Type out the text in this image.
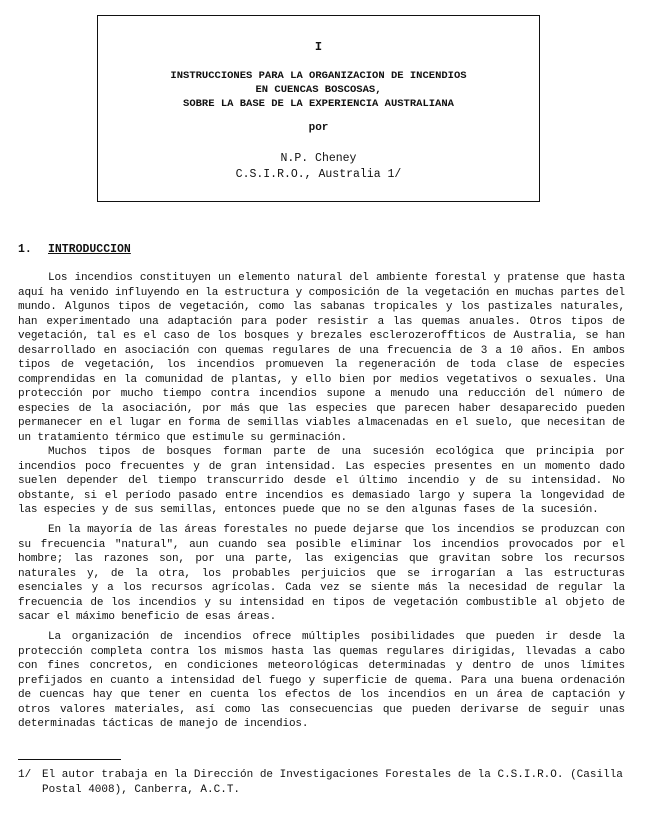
I
INSTRUCCIONES PARA LA ORGANIZACION DE INCENDIOS
EN CUENCAS BOSCOSAS,
SOBRE LA BASE DE LA EXPERIENCIA AUSTRALIANA
por
N.P. Cheney
C.S.I.R.O., Australia 1/
1. INTRODUCCION

Los incendios constituyen un elemento natural del ambiente forestal y pratense que hasta aquí ha venido influyendo en la estructura y composición de la vegetación en muchas partes del mundo. Algunos tipos de vegetación, como las sabanas tropicales y los pastizales naturales, han experimentado una adaptación para poder resistir a las quemas anuales. Otros tipos de vegetación, tal es el caso de los bosques y brezales esclerozeroffticos de Australia, se han desarrollado en asociación con quemas regulares de una frecuencia de 3 a 10 años. En ambos tipos de vegetación, los incendios promueven la regeneración de toda clase de especies comprendidas en la comunidad de plantas, y ello bien por medios vegetativos o sexuales. Una protección por mucho tiempo contra incendios supone a menudo una reducción del número de especies de la asociación, por más que las especies que parecen haber desaparecido pueden permanecer en el lugar en forma de semillas viables almacenadas en el suelo, que necesitan de un tratamiento térmico que estimule su germinación.

Muchos tipos de bosques forman parte de una sucesión ecológica que principia por incendios poco frecuentes y de gran intensidad. Las especies presentes en un momento dado suelen depender del tiempo transcurrido desde el último incendio y de su intensidad. No obstante, si el período pasado entre incendios es demasiado largo y supera la longevidad de las especies y de sus semillas, entonces puede que no se den algunas fases de la sucesión.

En la mayoría de las áreas forestales no puede dejarse que los incendios se produzcan con su frecuencia "natural", aun cuando sea posible eliminar los incendios provocados por el hombre; las razones son, por una parte, las exigencias que gravitan sobre los recursos naturales y, de la otra, los probables perjuicios que se irrogarían a las estructuras esenciales y a los recursos agrícolas. Cada vez se siente más la necesidad de regular la frecuencia de los incendios y su intensidad en tipos de vegetación combustible al objeto de sacar el máximo beneficio de esas áreas.

La organización de incendios ofrece múltiples posibilidades que pueden ir desde la protección completa contra los mismos hasta las quemas regulares dirigidas, llevadas a cabo con fines concretos, en condiciones meteorológicas determinadas y dentro de unos límites prefijados en cuanto a intensidad del fuego y superficie de quema. Para una buena ordenación de cuencas hay que tener en cuenta los efectos de los incendios en un área de captación y otros valores materiales, así como las consecuencias que pueden derivarse de seguir unas determinadas tácticas de manejo de incendios.

1/ El autor trabaja en la Dirección de Investigaciones Forestales de la C.S.I.R.O. (Casilla
Postal 4008), Canberra, A.C.T.
